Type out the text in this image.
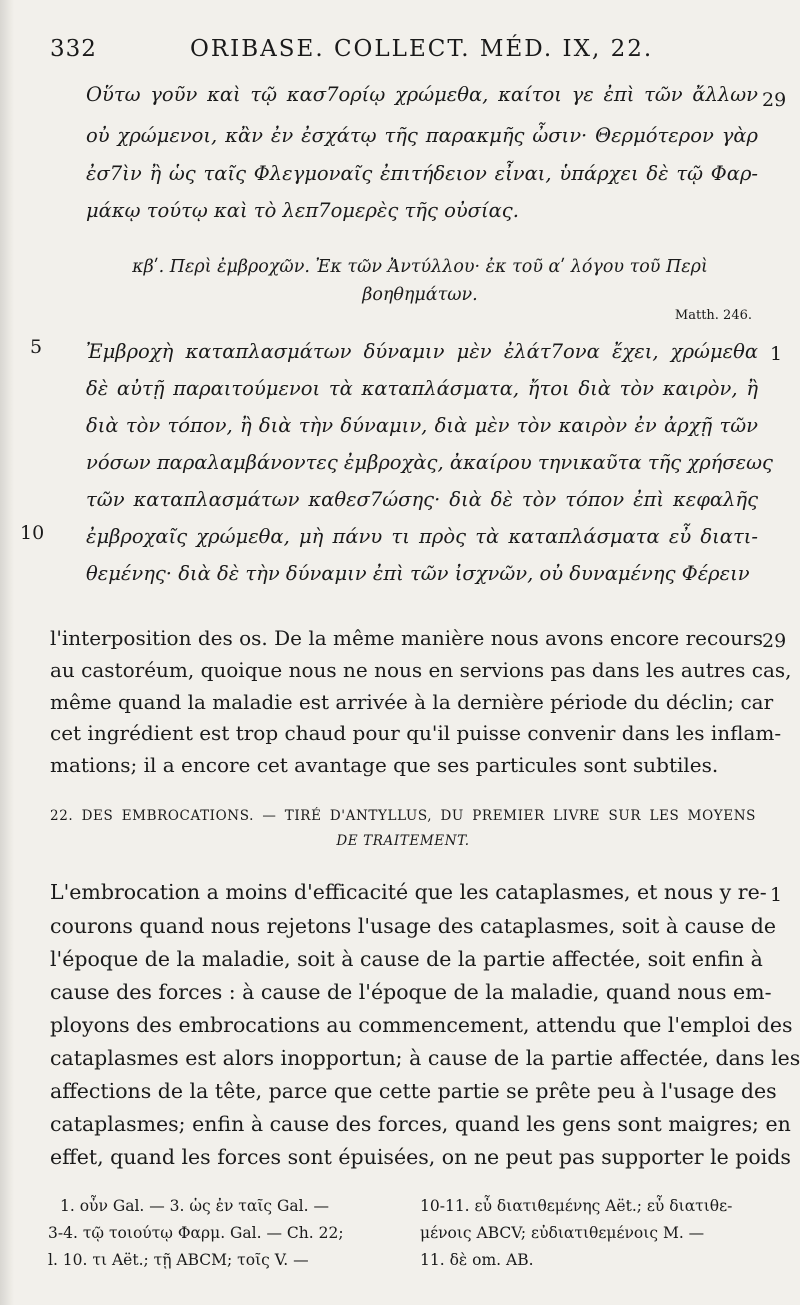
332	ORIBASE. COLLECT. MÉD. IX, 22.
Οὕτω γοῦν καὶ τῷ κασ7ορίῳ χρώμεθα, καίτοι γε ἐπὶ τῶν ἄλλων
οὐ χρώμενοι, κἂν ἐν ἐσχάτῳ τῆς παρακμῆς ὦσιν· Θερμότερον γὰρ
ἐσ7ὶν ἢ ὡς ταῖς Φλεγμοναῖς ἐπιτήδειον εἶναι, ὑπάρχει δὲ τῷ Φαρ-
μάκῳ τούτῳ καὶ τὸ λεπ7ομερὲς τῆς οὐσίας.
29
κβʹ. Περὶ ἐμβροχῶν. Ἐκ τῶν Ἀντύλλου· ἐκ τοῦ αʹ λόγου τοῦ Περὶ
βοηθημάτων.
Matth. 246.
Ἐμβροχὴ καταπλασμάτων δύναμιν μὲν ἐλάτ7ονα ἔχει, χρώμεθα
δὲ αὐτῇ παραιτούμενοι τὰ καταπλάσματα, ἤτοι διὰ τὸν καιρὸν, ἢ
διὰ τὸν τόπον, ἢ διὰ τὴν δύναμιν, διὰ μὲν τὸν καιρὸν ἐν ἀρχῇ τῶν
νόσων παραλαμβάνοντες ἐμβροχὰς, ἀκαίρου τηνικαῦτα τῆς χρήσεως
τῶν καταπλασμάτων καθεσ7ώσης· διὰ δὲ τὸν τόπον ἐπὶ κεφαλῆς
ἐμβροχαῖς χρώμεθα, μὴ πάνυ τι πρὸς τὰ καταπλάσματα εὖ διατι-
θεμένης· διὰ δὲ τὴν δύναμιν ἐπὶ τῶν ἰσχνῶν, οὐ δυναμένης Φέρειν
5
10
1
l'interposition des os. De la même manière nous avons encore recours
au castoréum, quoique nous ne nous en servions pas dans les autres cas,
même quand la maladie est arrivée à la dernière période du déclin; car
cet ingrédient est trop chaud pour qu'il puisse convenir dans les inflam-
mations; il a encore cet avantage que ses particules sont subtiles.
29
22. DES EMBROCATIONS. — TIRÉ D'ANTYLLUS, DU PREMIER LIVRE SUR LES MOYENS
DE TRAITEMENT.
L'embrocation a moins d'efficacité que les cataplasmes, et nous y re-
courons quand nous rejetons l'usage des cataplasmes, soit à cause de
l'époque de la maladie, soit à cause de la partie affectée, soit enfin à
cause des forces : à cause de l'époque de la maladie, quand nous em-
ployons des embrocations au commencement, attendu que l'emploi des
cataplasmes est alors inopportun; à cause de la partie affectée, dans les
affections de la tête, parce que cette partie se prête peu à l'usage des
cataplasmes; enfin à cause des forces, quand les gens sont maigres; en
effet, quand les forces sont épuisées, on ne peut pas supporter le poids
1
1. οὖν Gal. — 3. ὡς ἐν ταῖς Gal. —
3-4. τῷ τοιούτῳ Φαρμ. Gal. — Ch. 22;
l. 10. τι Aët.; τῇ ABCM; τοῖς V. —
10-11. εὖ διατιθεμένης Aët.; εὖ διατιθε-
μένοις ABCV; εὐδιατιθεμένοις M. —
11. δὲ om. AB.
